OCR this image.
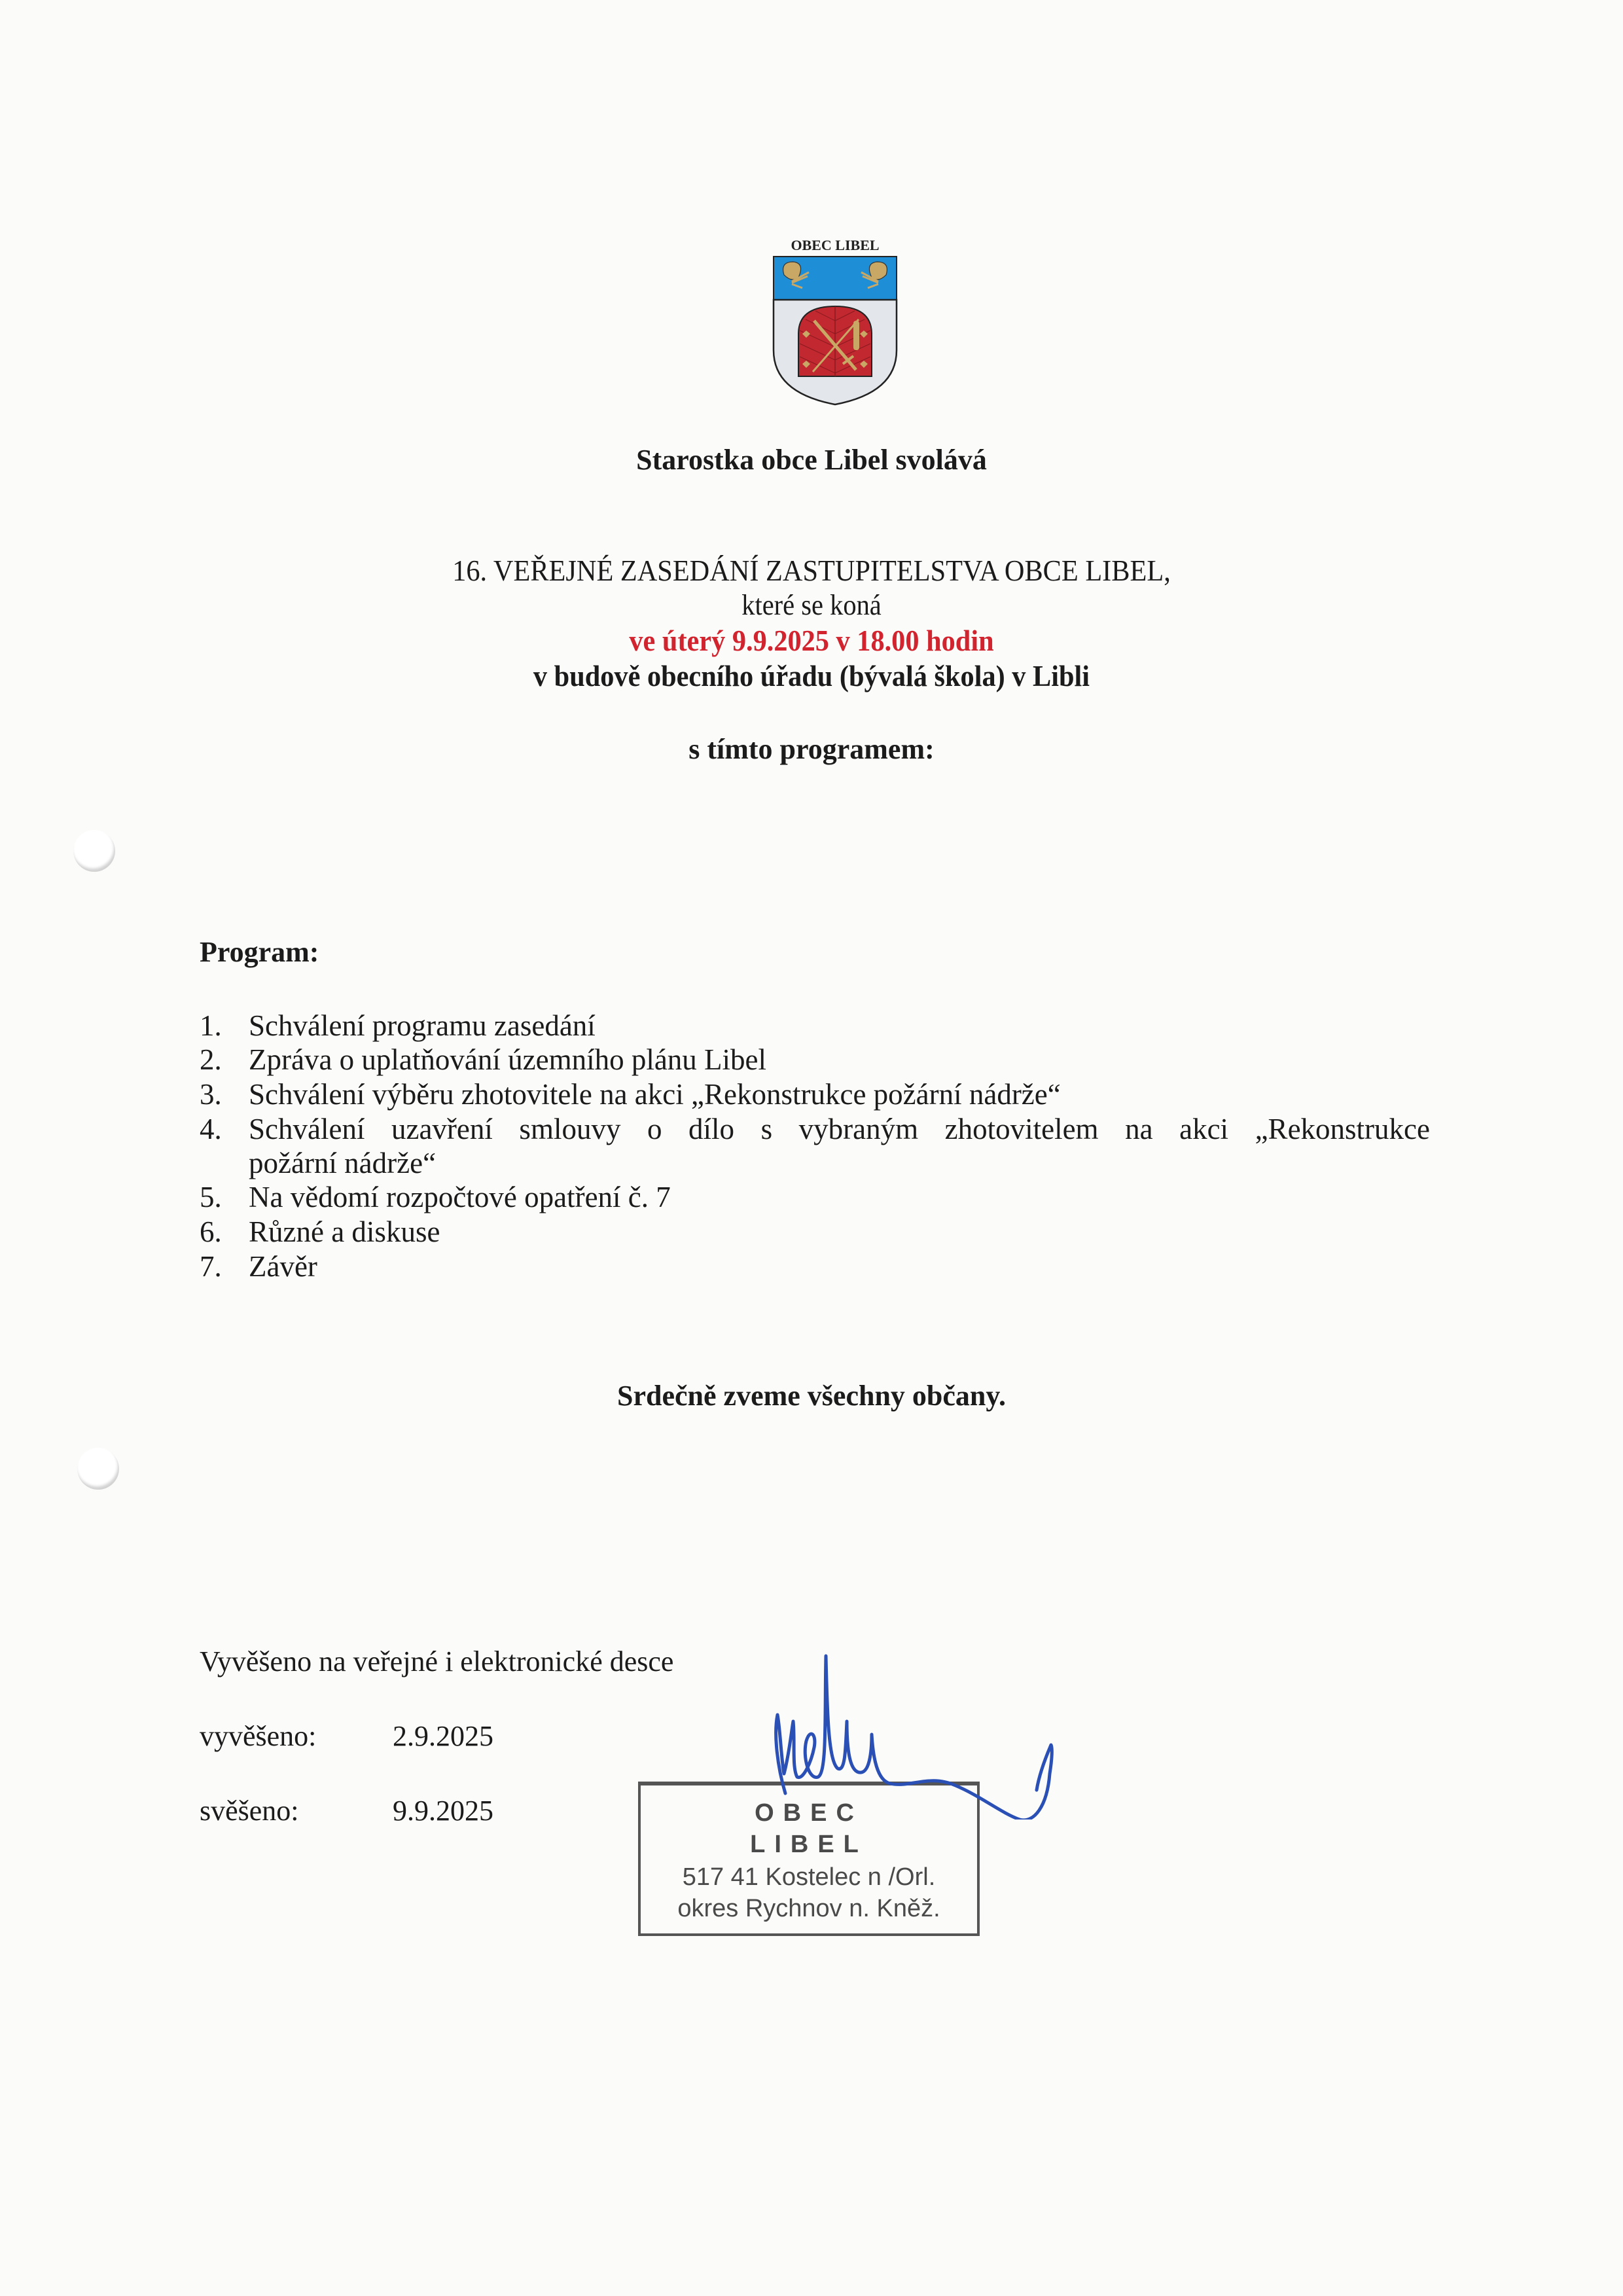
OBEC LIBEL
Starostka obce Libel svolává
16. VEŘEJNÉ ZASEDÁNÍ ZASTUPITELSTVA OBCE LIBEL,
které se koná
ve úterý 9.9.2025 v 18.00 hodin
v budově obecního úřadu (bývalá škola) v Libli
s tímto programem:
Program:
1. Schválení programu zasedání
2. Zpráva o uplatňování územního plánu Libel
3. Schválení výběru zhotovitele na akci „Rekonstrukce požární nádrže“
4. Schválení uzavření smlouvy o dílo s vybraným zhotovitelem na akci „Rekonstrukce
požární nádrže“
5. Na vědomí rozpočtové opatření č. 7
6. Různé a diskuse
7. Závěr
Srdečně zveme všechny občany.
Vyvěšeno na veřejné i elektronické desce
vyvěšeno:	2.9.2025
svěšeno:	9.9.2025	OBEC
LIBEL
517 41 Kostelec n /Orl.
okres Rychnov n. Kněž.
